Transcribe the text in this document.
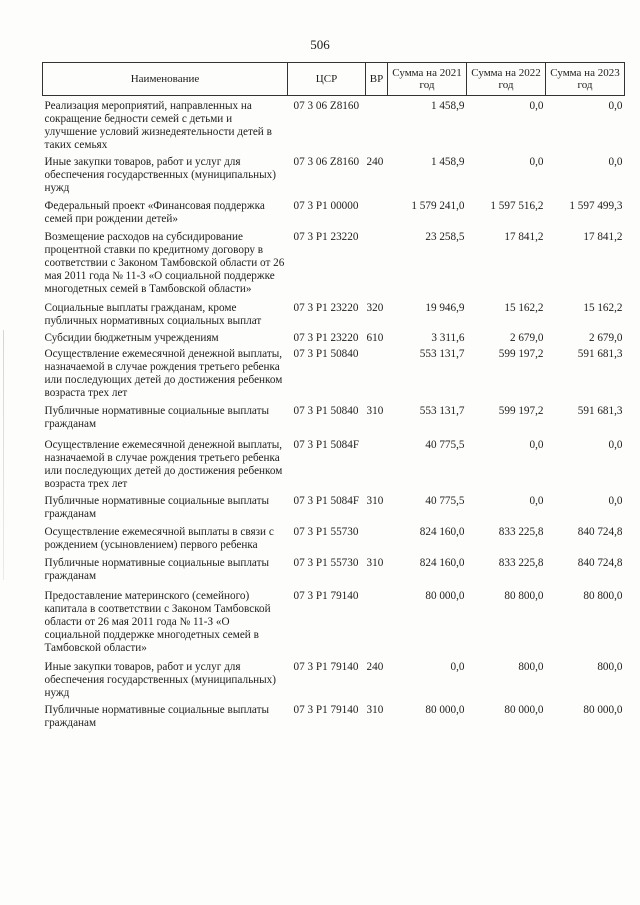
506
Наименование	ЦСР	ВР	Сумма на 2021 год	Сумма на 2022 год	Сумма на 2023 год
Реализация мероприятий, направленных на сокращение бедности семей с детьми и улучшение условий жизнедеятельности детей в таких семьях	07 3 06 Z8160		1 458,9	0,0	0,0

Иные закупки товаров, работ и услуг для обеспечения государственных (муниципальных) нужд	07 3 06 Z8160	240	1 458,9	0,0	0,0

Федеральный проект «Финансовая поддержка семей при рождении детей»	07 3 P1 00000		1 579 241,0	1 597 516,2	1 597 499,3

Возмещение расходов на субсидирование процентной ставки по кредитному договору в соответствии с Законом Тамбовской области от 26 мая 2011 года № 11-З «О социальной поддержке многодетных семей в Тамбовской области»	07 3 P1 23220		23 258,5	17 841,2	17 841,2

Социальные выплаты гражданам, кроме публичных нормативных социальных выплат	07 3 P1 23220	320	19 946,9	15 162,2	15 162,2

Субсидии бюджетным учреждениям	07 3 P1 23220	610	3 311,6	2 679,0	2 679,0

Осуществление ежемесячной денежной выплаты, назначаемой в случае рождения третьего ребенка или последующих детей до достижения ребенком возраста трех лет	07 3 P1 50840		553 131,7	599 197,2	591 681,3

Публичные нормативные социальные выплаты гражданам	07 3 P1 50840	310	553 131,7	599 197,2	591 681,3

Осуществление ежемесячной денежной выплаты, назначаемой в случае рождения третьего ребенка или последующих детей до достижения ребенком возраста трех лет	07 3 P1 5084F		40 775,5	0,0	0,0

Публичные нормативные социальные выплаты гражданам	07 3 P1 5084F	310	40 775,5	0,0	0,0

Осуществление ежемесячной выплаты в связи с рождением (усыновлением) первого ребенка	07 3 P1 55730		824 160,0	833 225,8	840 724,8

Публичные нормативные социальные выплаты гражданам	07 3 P1 55730	310	824 160,0	833 225,8	840 724,8

Предоставление материнского (семейного) капитала в соответствии с Законом Тамбовской области от 26 мая 2011 года № 11-З «О социальной поддержке многодетных семей в Тамбовской области»	07 3 P1 79140		80 000,0	80 800,0	80 800,0

Иные закупки товаров, работ и услуг для обеспечения государственных (муниципальных) нужд	07 3 P1 79140	240	0,0	800,0	800,0

Публичные нормативные социальные выплаты гражданам	07 3 P1 79140	310	80 000,0	80 000,0	80 000,0
